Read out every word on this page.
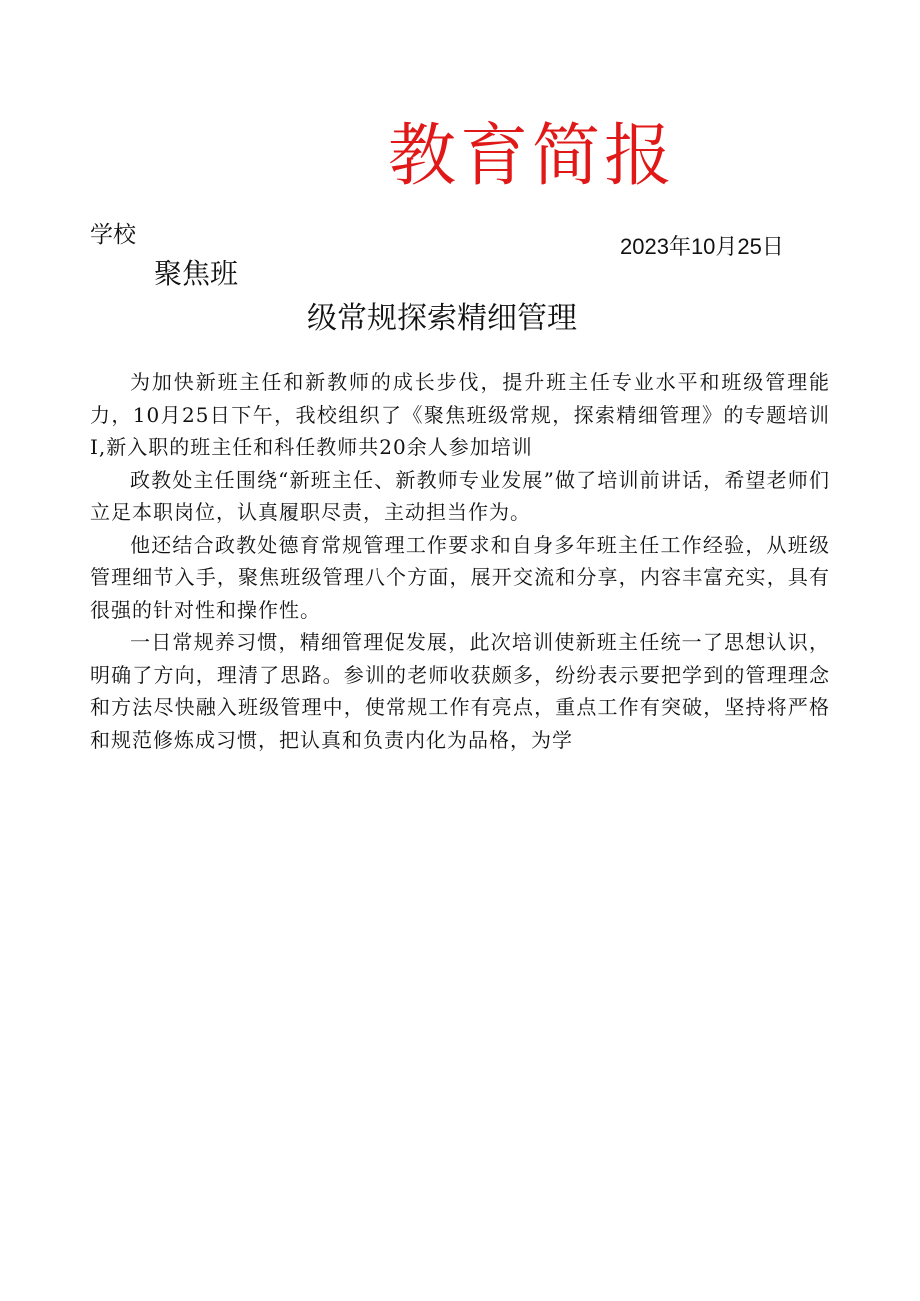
教育简报
学校	2023年10月25日
聚焦班
级常规探索精细管理

为加快新班主任和新教师的成长步伐，提升班主任专业水平和班级管理能力，10月25日下午，我校组织了《聚焦班级常规，探索精细管理》的专题培训I,新入职的班主任和科任教师共20余人参加培训

政教处主任围绕“新班主任、新教师专业发展”做了培训前讲话，希望老师们立足本职岗位，认真履职尽责，主动担当作为。

他还结合政教处德育常规管理工作要求和自身多年班主任工作经验，从班级管理细节入手，聚焦班级管理八个方面，展开交流和分享，内容丰富充实，具有很强的针对性和操作性。

一日常规养习惯，精细管理促发展，此次培训使新班主任统一了思想认识，明确了方向，理清了思路。参训的老师收获颇多，纷纷表示要把学到的管理理念和方法尽快融入班级管理中，使常规工作有亮点，重点工作有突破，坚持将严格和规范修炼成习惯，把认真和负责内化为品格，为学
